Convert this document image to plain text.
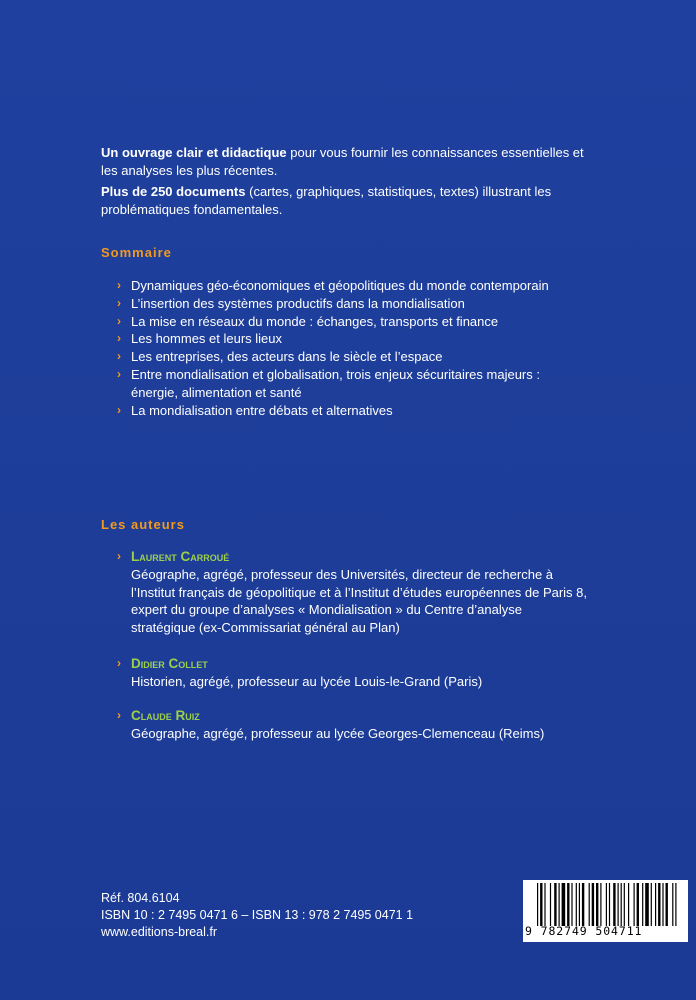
Un ouvrage clair et didactique pour vous fournir les connaissances essentielles et les analyses les plus récentes.

Plus de 250 documents (cartes, graphiques, statistiques, textes) illustrant les problématiques fondamentales.

Sommaire
› Dynamiques géo-économiques et géopolitiques du monde contemporain
› L’insertion des systèmes productifs dans la mondialisation
› La mise en réseaux du monde : échanges, transports et finance
› Les hommes et leurs lieux
› Les entreprises, des acteurs dans le siècle et l’espace
› Entre mondialisation et globalisation, trois enjeux sécuritaires majeurs : énergie, alimentation et santé
› La mondialisation entre débats et alternatives
Les auteurs
› Laurent Carroué
Géographe, agrégé, professeur des Universités, directeur de recherche à l’Institut français de géopolitique et à l’Institut d’études européennes de Paris 8, expert du groupe d’analyses « Mondialisation » du Centre d’analyse stratégique (ex-Commissariat général au Plan)
› Didier Collet
Historien, agrégé, professeur au lycée Louis-le-Grand (Paris)
› Claude Ruiz
Géographe, agrégé, professeur au lycée Georges-Clemenceau (Reims)
Réf. 804.6104
ISBN 10 : 2 7495 0471 6 – ISBN 13 : 978 2 7495 0471 1
www.editions-breal.fr	9 782749 504711
